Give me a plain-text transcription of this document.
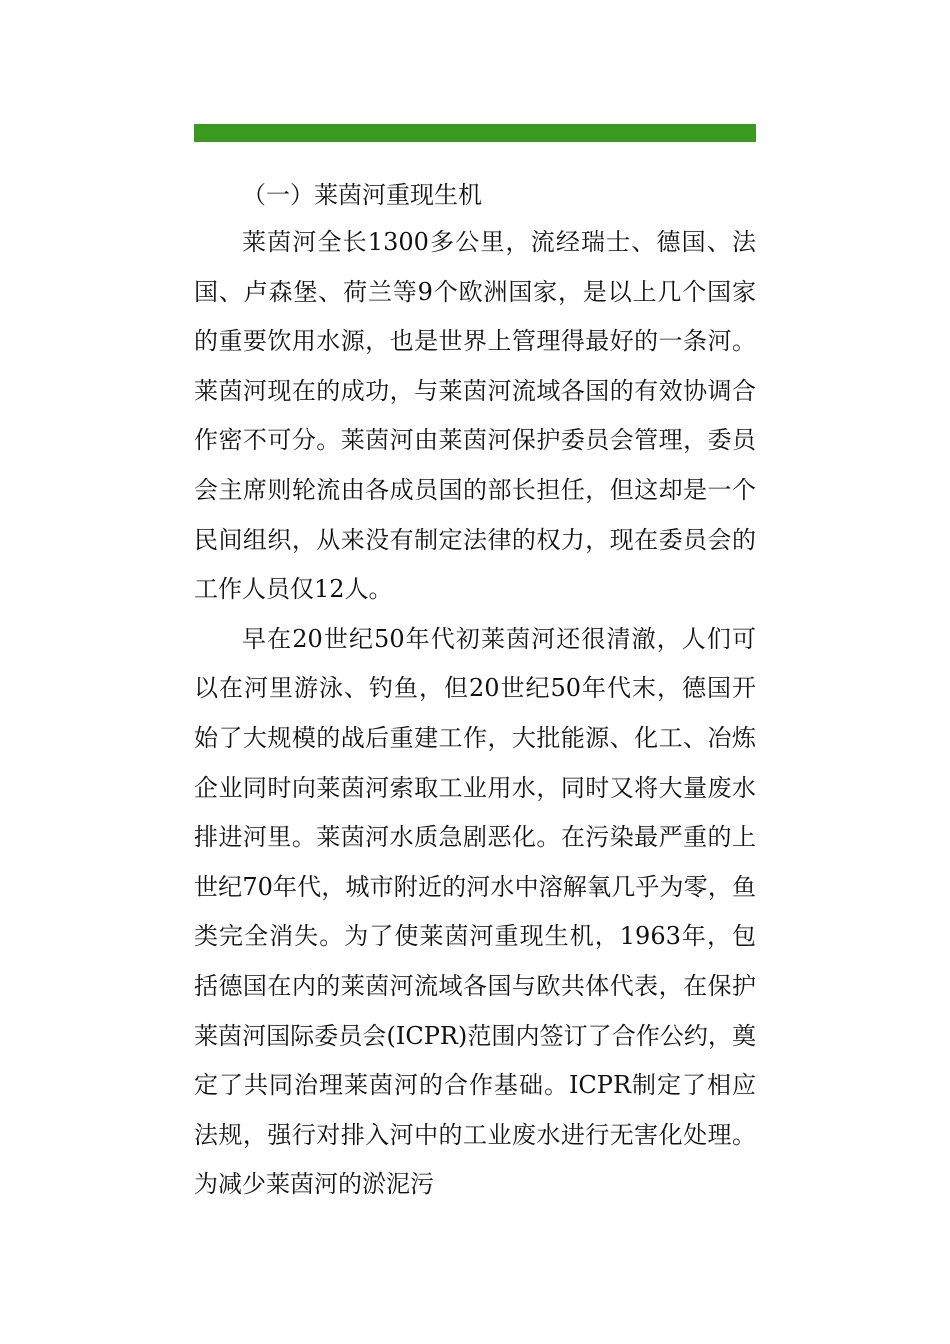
（一）莱茵河重现生机

莱茵河全长1300多公里，流经瑞士、德国、法国、卢森堡、荷兰等9个欧洲国家，是以上几个国家的重要饮用水源，也是世界上管理得最好的一条河。莱茵河现在的成功，与莱茵河流域各国的有效协调合作密不可分。莱茵河由莱茵河保护委员会管理，委员会主席则轮流由各成员国的部长担任，但这却是一个民间组织，从来没有制定法律的权力，现在委员会的工作人员仅12人。

早在20世纪50年代初莱茵河还很清澈，人们可以在河里游泳、钓鱼，但20世纪50年代末，德国开始了大规模的战后重建工作，大批能源、化工、冶炼企业同时向莱茵河索取工业用水，同时又将大量废水排进河里。莱茵河水质急剧恶化。在污染最严重的上世纪70年代，城市附近的河水中溶解氧几乎为零，鱼类完全消失。为了使莱茵河重现生机，1963年，包括德国在内的莱茵河流域各国与欧共体代表，在保护莱茵河国际委员会(ICPR)范围内签订了合作公约，奠定了共同治理莱茵河的合作基础。ICPR制定了相应法规，强行对排入河中的工业废水进行无害化处理。为减少莱茵河的淤泥污
